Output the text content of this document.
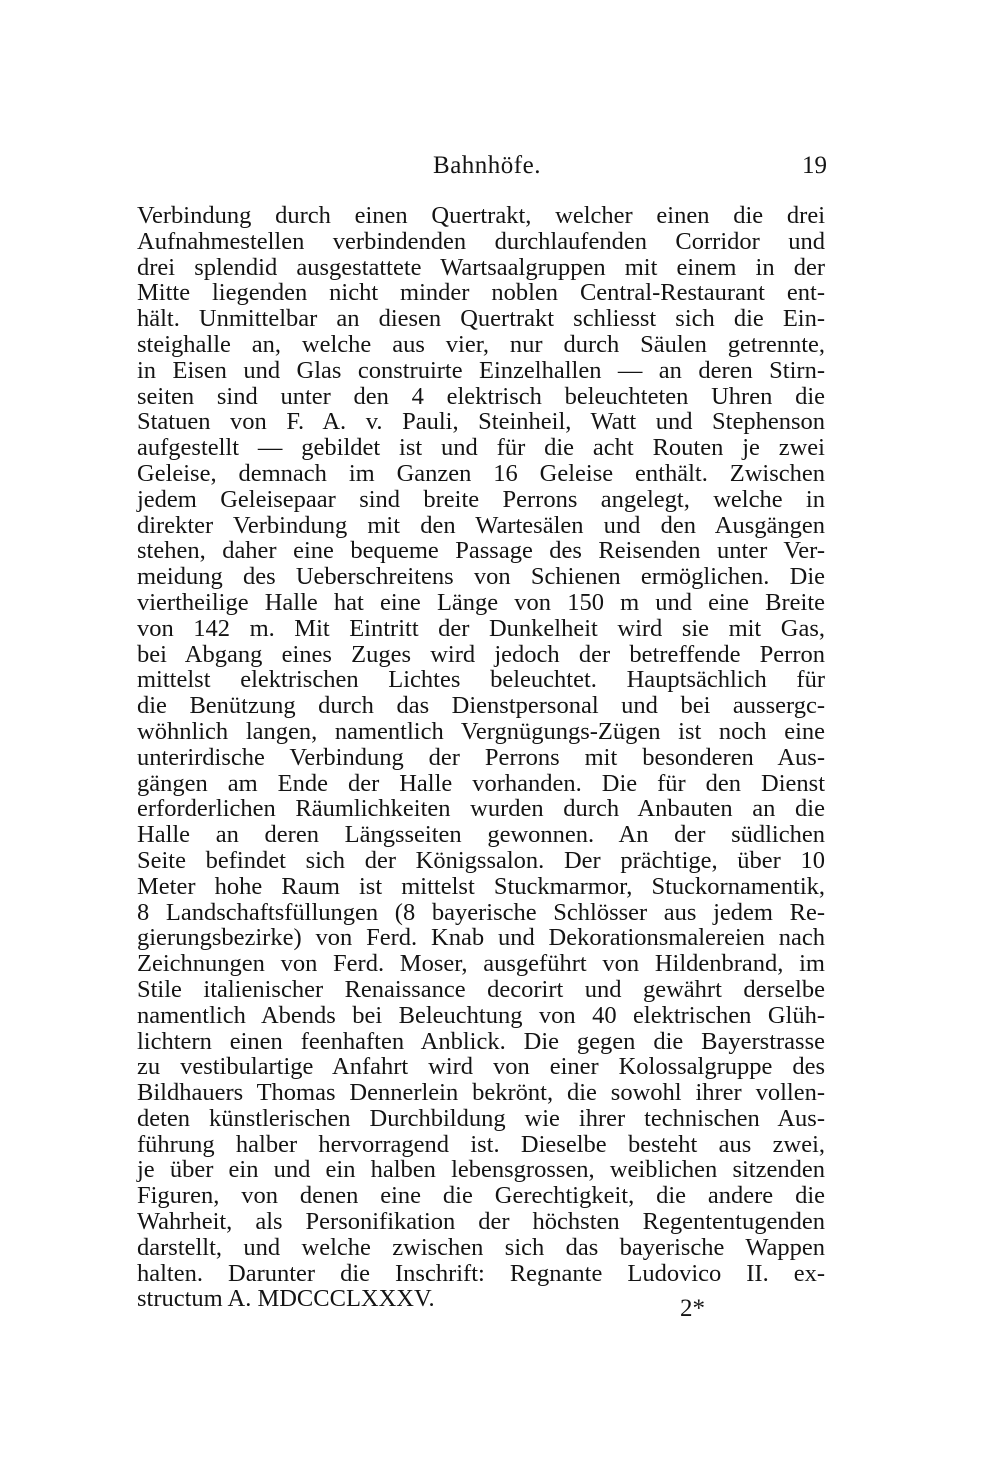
Bahnhöfe.	19
Verbindung durch einen Quertrakt, welcher einen die drei
Aufnahmestellen verbindenden durchlaufenden Corridor und
drei splendid ausgestattete Wartsaalgruppen mit einem in der
Mitte liegenden nicht minder noblen Central-Restaurant ent-
hält. Unmittelbar an diesen Quertrakt schliesst sich die Ein-
steighalle an, welche aus vier, nur durch Säulen getrennte,
in Eisen und Glas construirte Einzelhallen — an deren Stirn-
seiten sind unter den 4 elektrisch beleuchteten Uhren die
Statuen von F. A. v. Pauli, Steinheil, Watt und Stephenson
aufgestellt — gebildet ist und für die acht Routen je zwei
Geleise, demnach im Ganzen 16 Geleise enthält. Zwischen
jedem Geleisepaar sind breite Perrons angelegt, welche in
direkter Verbindung mit den Wartesälen und den Ausgängen
stehen, daher eine bequeme Passage des Reisenden unter Ver-
meidung des Ueberschreitens von Schienen ermöglichen. Die
viertheilige Halle hat eine Länge von 150 m und eine Breite
von 142 m. Mit Eintritt der Dunkelheit wird sie mit Gas,
bei Abgang eines Zuges wird jedoch der betreffende Perron
mittelst elektrischen Lichtes beleuchtet. Hauptsächlich für
die Benützung durch das Dienstpersonal und bei aussergc-
wöhnlich langen, namentlich Vergnügungs-Zügen ist noch eine
unterirdische Verbindung der Perrons mit besonderen Aus-
gängen am Ende der Halle vorhanden. Die für den Dienst
erforderlichen Räumlichkeiten wurden durch Anbauten an die
Halle an deren Längsseiten gewonnen. An der südlichen
Seite befindet sich der Königssalon. Der prächtige, über 10
Meter hohe Raum ist mittelst Stuckmarmor, Stuckornamentik,
8 Landschaftsfüllungen (8 bayerische Schlösser aus jedem Re-
gierungsbezirke) von Ferd. Knab und Dekorationsmalereien nach
Zeichnungen von Ferd. Moser, ausgeführt von Hildenbrand, im
Stile italienischer Renaissance decorirt und gewährt derselbe
namentlich Abends bei Beleuchtung von 40 elektrischen Glüh-
lichtern einen feenhaften Anblick. Die gegen die Bayerstrasse
zu vestibulartige Anfahrt wird von einer Kolossalgruppe des
Bildhauers Thomas Dennerlein bekrönt, die sowohl ihrer vollen-
deten künstlerischen Durchbildung wie ihrer technischen Aus-
führung halber hervorragend ist. Dieselbe besteht aus zwei,
je über ein und ein halben lebensgrossen, weiblichen sitzenden
Figuren, von denen eine die Gerechtigkeit, die andere die
Wahrheit, als Personifikation der höchsten Regententugenden
darstellt, und welche zwischen sich das bayerische Wappen
halten. Darunter die Inschrift: Regnante Ludovico II. ex-
structum A. MDCCCLXXXV.	2*
